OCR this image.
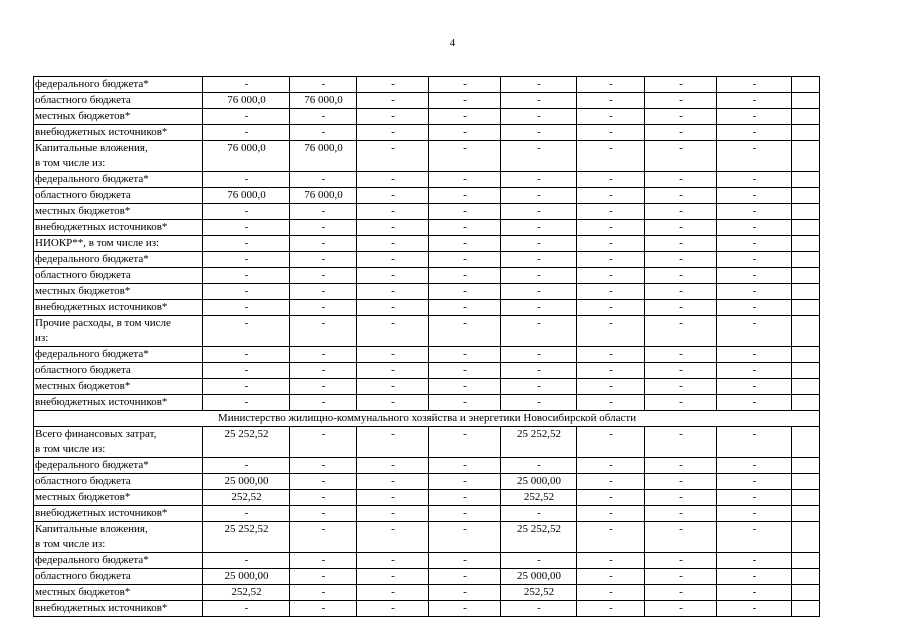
4
федерального бюджета*	-	-	-	-	-	-	-	-	
областного бюджета	76 000,0	76 000,0	-	-	-	-	-	-	
местных бюджетов*	-	-	-	-	-	-	-	-	
внебюджетных источников*	-	-	-	-	-	-	-	-	
Капитальные вложения,
в том числе из:	76 000,0	76 000,0	-	-	-	-	-	-	
федерального бюджета*	-	-	-	-	-	-	-	-	
областного бюджета	76 000,0	76 000,0	-	-	-	-	-	-	
местных бюджетов*	-	-	-	-	-	-	-	-	
внебюджетных источников*	-	-	-	-	-	-	-	-	
НИОКР**, в том числе из:	-	-	-	-	-	-	-	-	
федерального бюджета*	-	-	-	-	-	-	-	-	
областного бюджета	-	-	-	-	-	-	-	-	
местных бюджетов*	-	-	-	-	-	-	-	-	
внебюджетных источников*	-	-	-	-	-	-	-	-	
Прочие расходы, в том числе
из:	-	-	-	-	-	-	-	-	
федерального бюджета*	-	-	-	-	-	-	-	-	
областного бюджета	-	-	-	-	-	-	-	-	
местных бюджетов*	-	-	-	-	-	-	-	-	
внебюджетных источников*	-	-	-	-	-	-	-	-	
Министерство жилищно-коммунального хозяйства и энергетики Новосибирской области									
Всего финансовых затрат,
в том числе из:	25 252,52	-	-	-	25 252,52	-	-	-	
федерального бюджета*	-	-	-	-	-	-	-	-	
областного бюджета	25 000,00	-	-	-	25 000,00	-	-	-	
местных бюджетов*	252,52	-	-	-	252,52	-	-	-	
внебюджетных источников*	-	-	-	-	-	-	-	-	
Капитальные вложения,
в том числе из:	25 252,52	-	-	-	25 252,52	-	-	-	
федерального бюджета*	-	-	-	-	-	-	-	-	
областного бюджета	25 000,00	-	-	-	25 000,00	-	-	-	
местных бюджетов*	252,52	-	-	-	252,52	-	-	-	
внебюджетных источников*	-	-	-	-	-	-	-	-	
